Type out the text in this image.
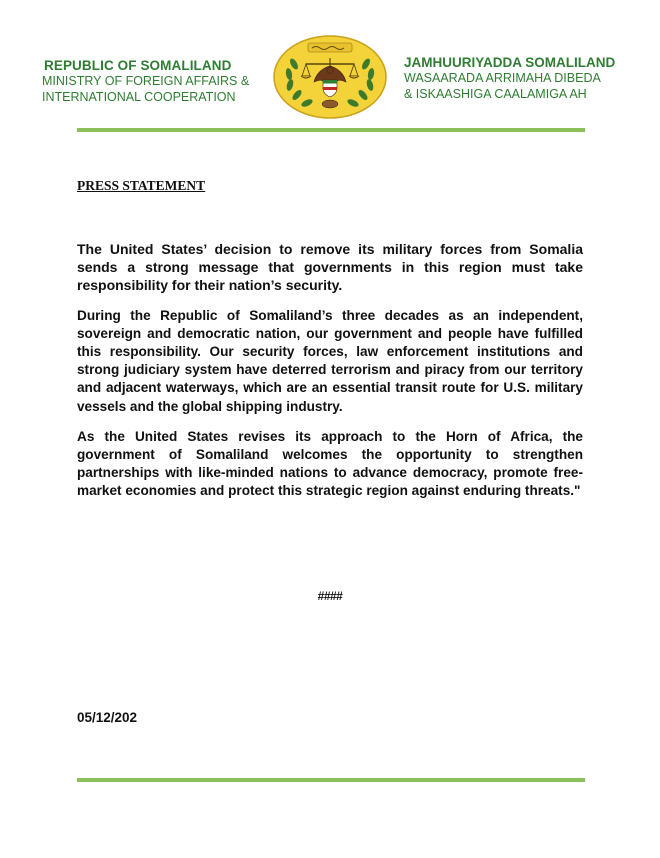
REPUBLIC OF SOMALILAND
MINISTRY OF FOREIGN AFFAIRS &
INTERNATIONAL COOPERATION
JAMHUURIYADDA SOMALILAND
WASAARADA ARRIMAHA DIBEDA
& ISKAASHIGA CAALAMIGA AH
PRESS STATEMENT

The United States’ decision to remove its military forces from Somalia sends a strong message that governments in this region must take responsibility for their nation’s security.

During the Republic of Somaliland’s three decades as an independent, sovereign and democratic nation, our government and people have fulfilled this responsibility. Our security forces, law enforcement institutions and strong judiciary system have deterred terrorism and piracy from our territory and adjacent waterways, which are an essential transit route for U.S. military vessels and the global shipping industry.

As the United States revises its approach to the Horn of Africa, the government of Somaliland welcomes the opportunity to strengthen partnerships with like-minded nations to advance democracy, promote free-market economies and protect this strategic region against enduring threats."

####
05/12/202
